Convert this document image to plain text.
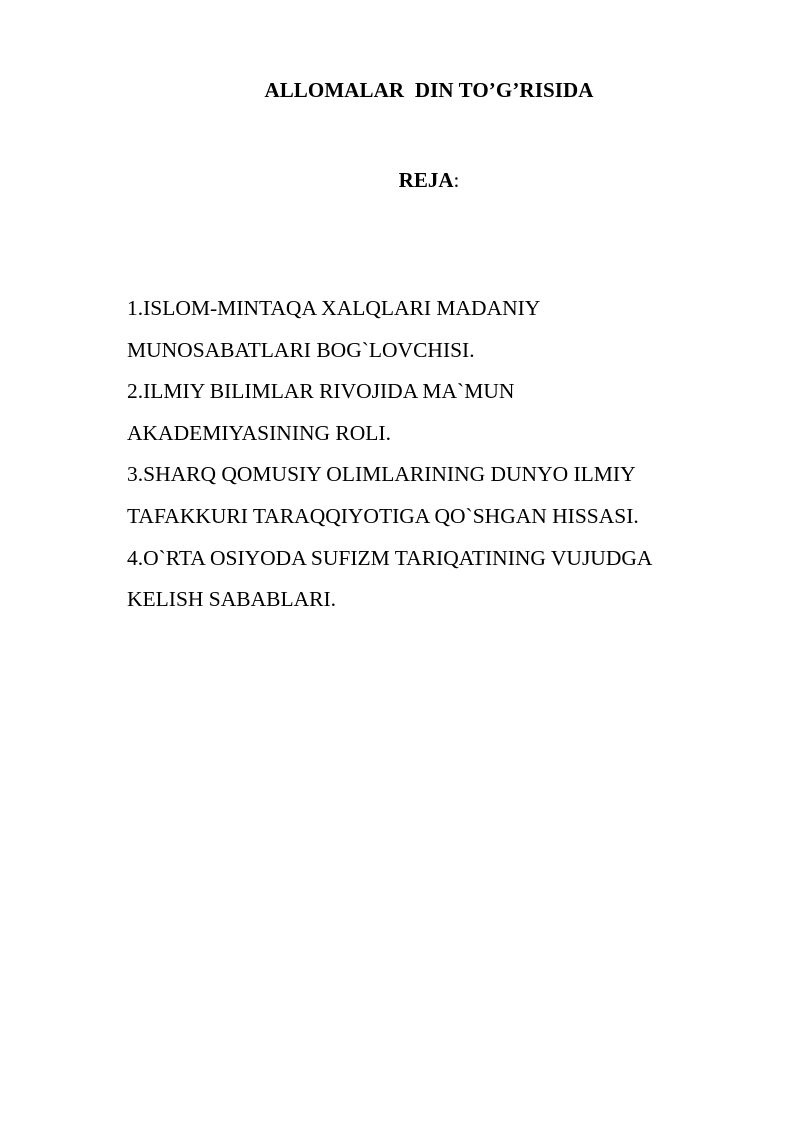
ALLOMALAR  DIN TO’G’RISIDA
REJA:
1.ISLOM-MINTAQA XALQLARI MADANIY
MUNOSABATLARI BOG`LOVCHISI.
2.ILMIY BILIMLAR RIVOJIDA MA`MUN
AKADEMIYASINING ROLI.
3.SHARQ QOMUSIY OLIMLARINING DUNYO ILMIY
TAFAKKURI TARAQQIYOTIGA QO`SHGAN HISSASI.
4.O`RTA OSIYODA SUFIZM TARIQATINING VUJUDGA
KELISH SABABLARI.
